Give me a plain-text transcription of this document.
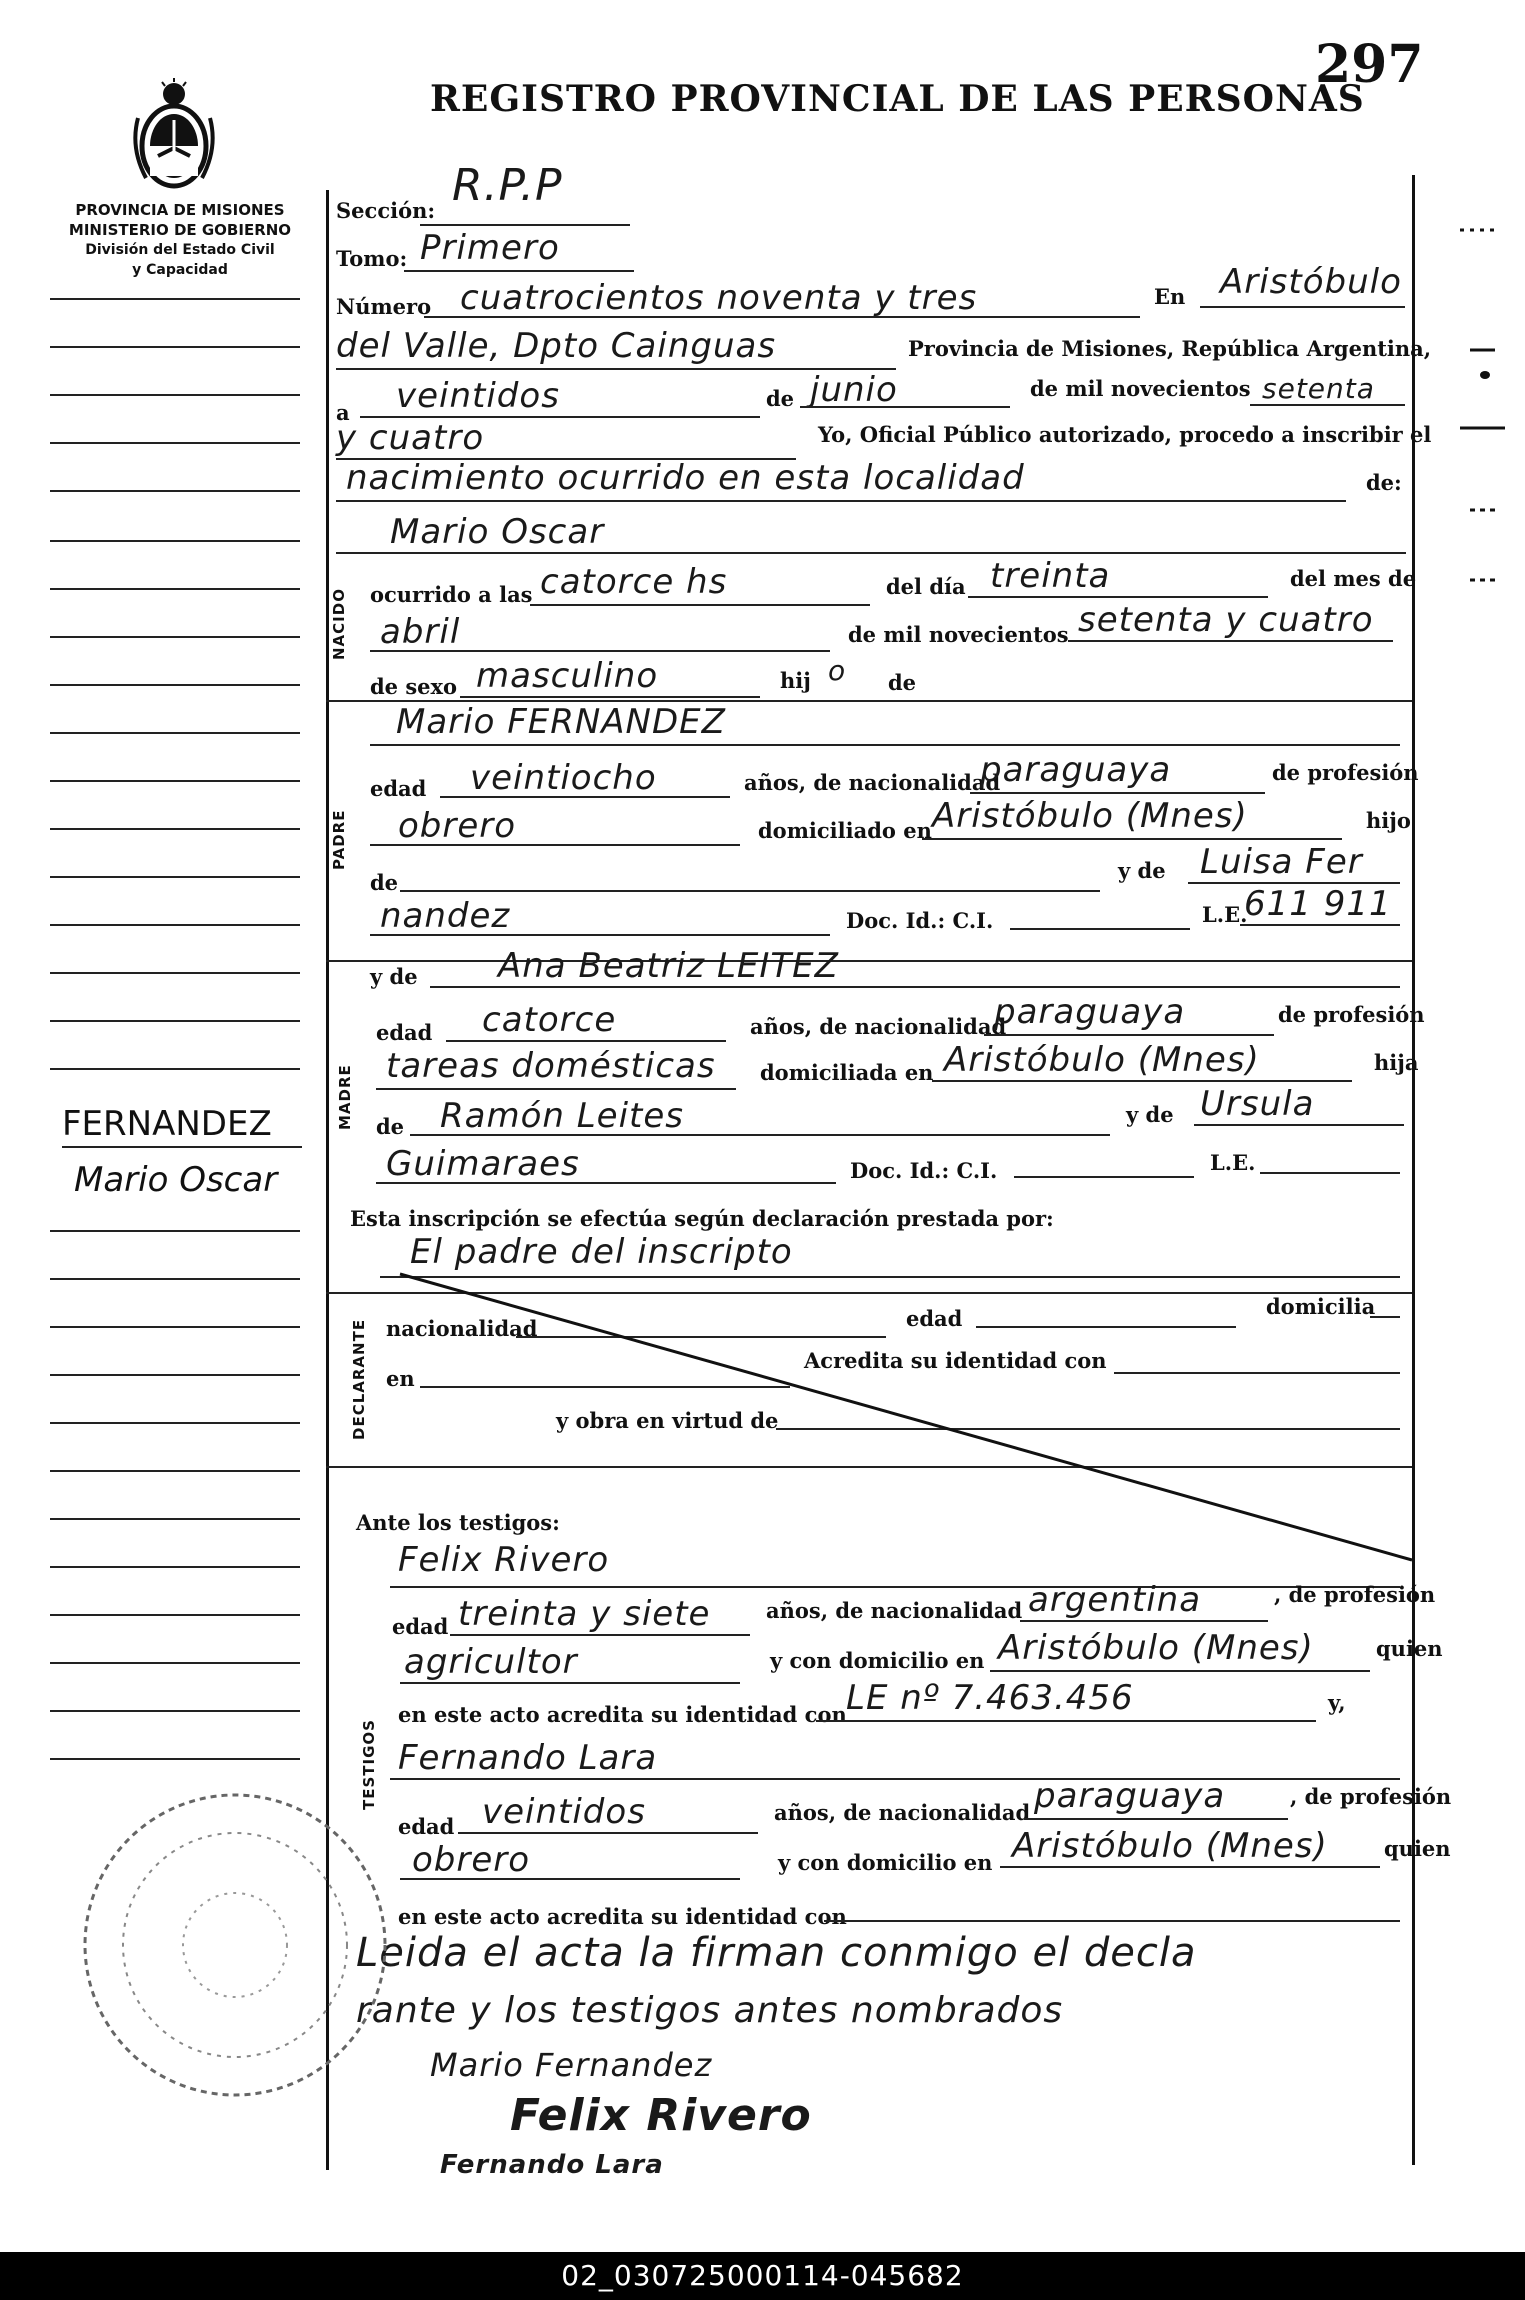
297
REGISTRO PROVINCIAL DE LAS PERSONAS
PROVINCIA DE MISIONES
MINISTERIO DE GOBIERNO
División del Estado Civil
y Capacidad
FERNANDEZ
Mario Oscar
Sección: R.P.P
Tomo: Primero
Número cuatrocientos noventa y tres	En Aristóbulo
del Valle, Dpto Cainguas	Provincia de Misiones, República Argentina,
a veintidos	de junio	de mil novecientos setenta
y cuatro	Yo, Oficial Público autorizado, procedo a inscribir el
nacimiento ocurrido en esta localidad	de:
Mario Oscar
NACIDO ocurrido a las catorce hs	del día treinta	del mes de
abril	de mil novecientos setenta y cuatro
de sexo masculino	hij o de
PADRE
Mario FERNANDEZ
edad veintiocho	años, de nacionalidad
paraguaya	de profesión
obrero	domiciliado en Aristóbulo (Mnes)	hijo
de	y de Luisa Fer
nandez	Doc. Id.: C.I.	L.E.
611 911
MADRE
y de Ana Beatriz LEITEZ
edad catorce	años, de nacionalidad
paraguaya	de profesión
tareas domésticas domiciliada en Aristóbulo (Mnes)	hija
de Ramón Leites	y de Ursula
Guimaraes	Doc. Id.: C.I.	L.E.
Esta inscripción se efectúa según declaración prestada por:
El padre del inscripto
DECLARANTE nacionalidad	edad	domicilia
en
Acredita su identidad con
y obra en virtud de
Ante los testigos:
TESTIGOS
Felix Rivero
edad treinta y siete	años, de nacionalidad argentina	, de profesión
agricultor	y con domicilio en Aristóbulo (Mnes)	quien
en este acto acredita su identidad con LE nº 7.463.456	y,
Fernando Lara
edad veintidos	años, de nacionalidad paraguaya	, de profesión
obrero	y con domicilio en Aristóbulo (Mnes)	quien
en este acto acredita su identidad con
Leida el acta la firman conmigo el decla
rante y los testigos antes nombrados
Mario Fernandez
Felix Rivero
Fernando Lara
02_030725000114-045682
